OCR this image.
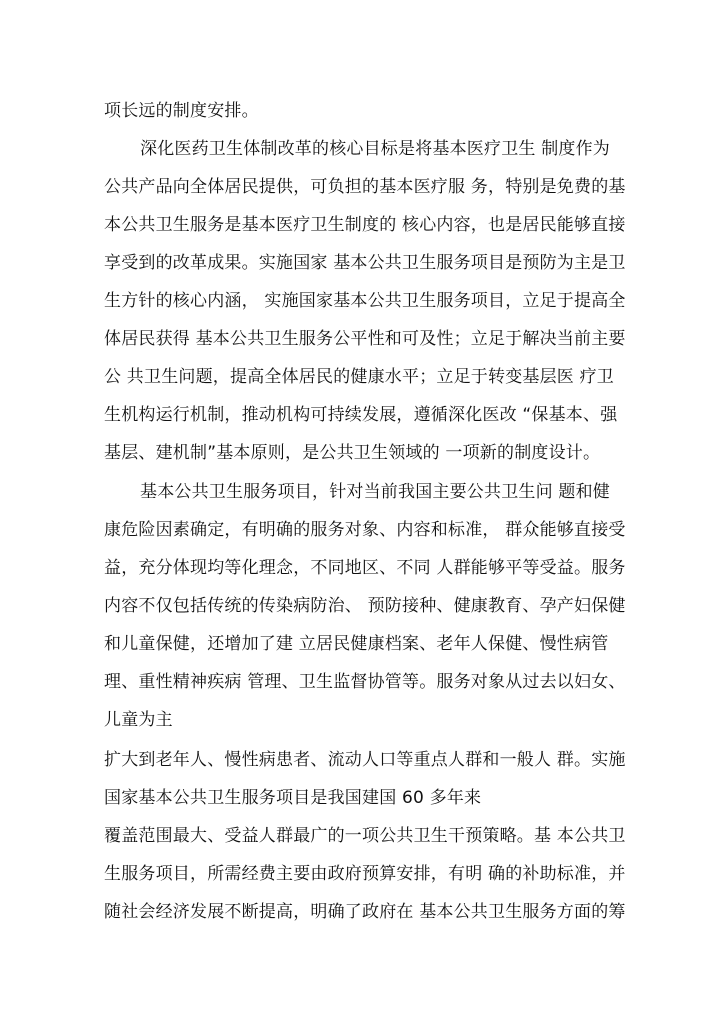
项长远的制度安排。
深化医药卫生体制改革的核心目标是将基本医疗卫生 制度作为
公共产品向全体居民提供，可负担的基本医疗服 务，特别是免费的基
本公共卫生服务是基本医疗卫生制度的 核心内容，也是居民能够直接
享受到的改革成果。实施国家 基本公共卫生服务项目是预防为主是卫
生方针的核心内涵， 实施国家基本公共卫生服务项目，立足于提高全
体居民获得 基本公共卫生服务公平性和可及性；立足于解决当前主要
公 共卫生问题，提高全体居民的健康水平；立足于转变基层医 疗卫
生机构运行机制，推动机构可持续发展，遵循深化医改 “保基本、强
基层、建机制”基本原则，是公共卫生领域的 一项新的制度设计。
基本公共卫生服务项目，针对当前我国主要公共卫生问 题和健
康危险因素确定，有明确的服务对象、内容和标准， 群众能够直接受
益，充分体现均等化理念，不同地区、不同 人群能够平等受益。服务
内容不仅包括传统的传染病防治、 预防接种、健康教育、孕产妇保健
和儿童保健，还增加了建 立居民健康档案、老年人保健、慢性病管
理、重性精神疾病 管理、卫生监督协管等。服务对象从过去以妇女、
儿童为主
扩大到老年人、慢性病患者、流动人口等重点人群和一般人 群。实施
国家基本公共卫生服务项目是我国建国 60 多年来
覆盖范围最大、受益人群最广的一项公共卫生干预策略。基 本公共卫
生服务项目，所需经费主要由政府预算安排，有明 确的补助标准，并
随社会经济发展不断提高，明确了政府在 基本公共卫生服务方面的筹
